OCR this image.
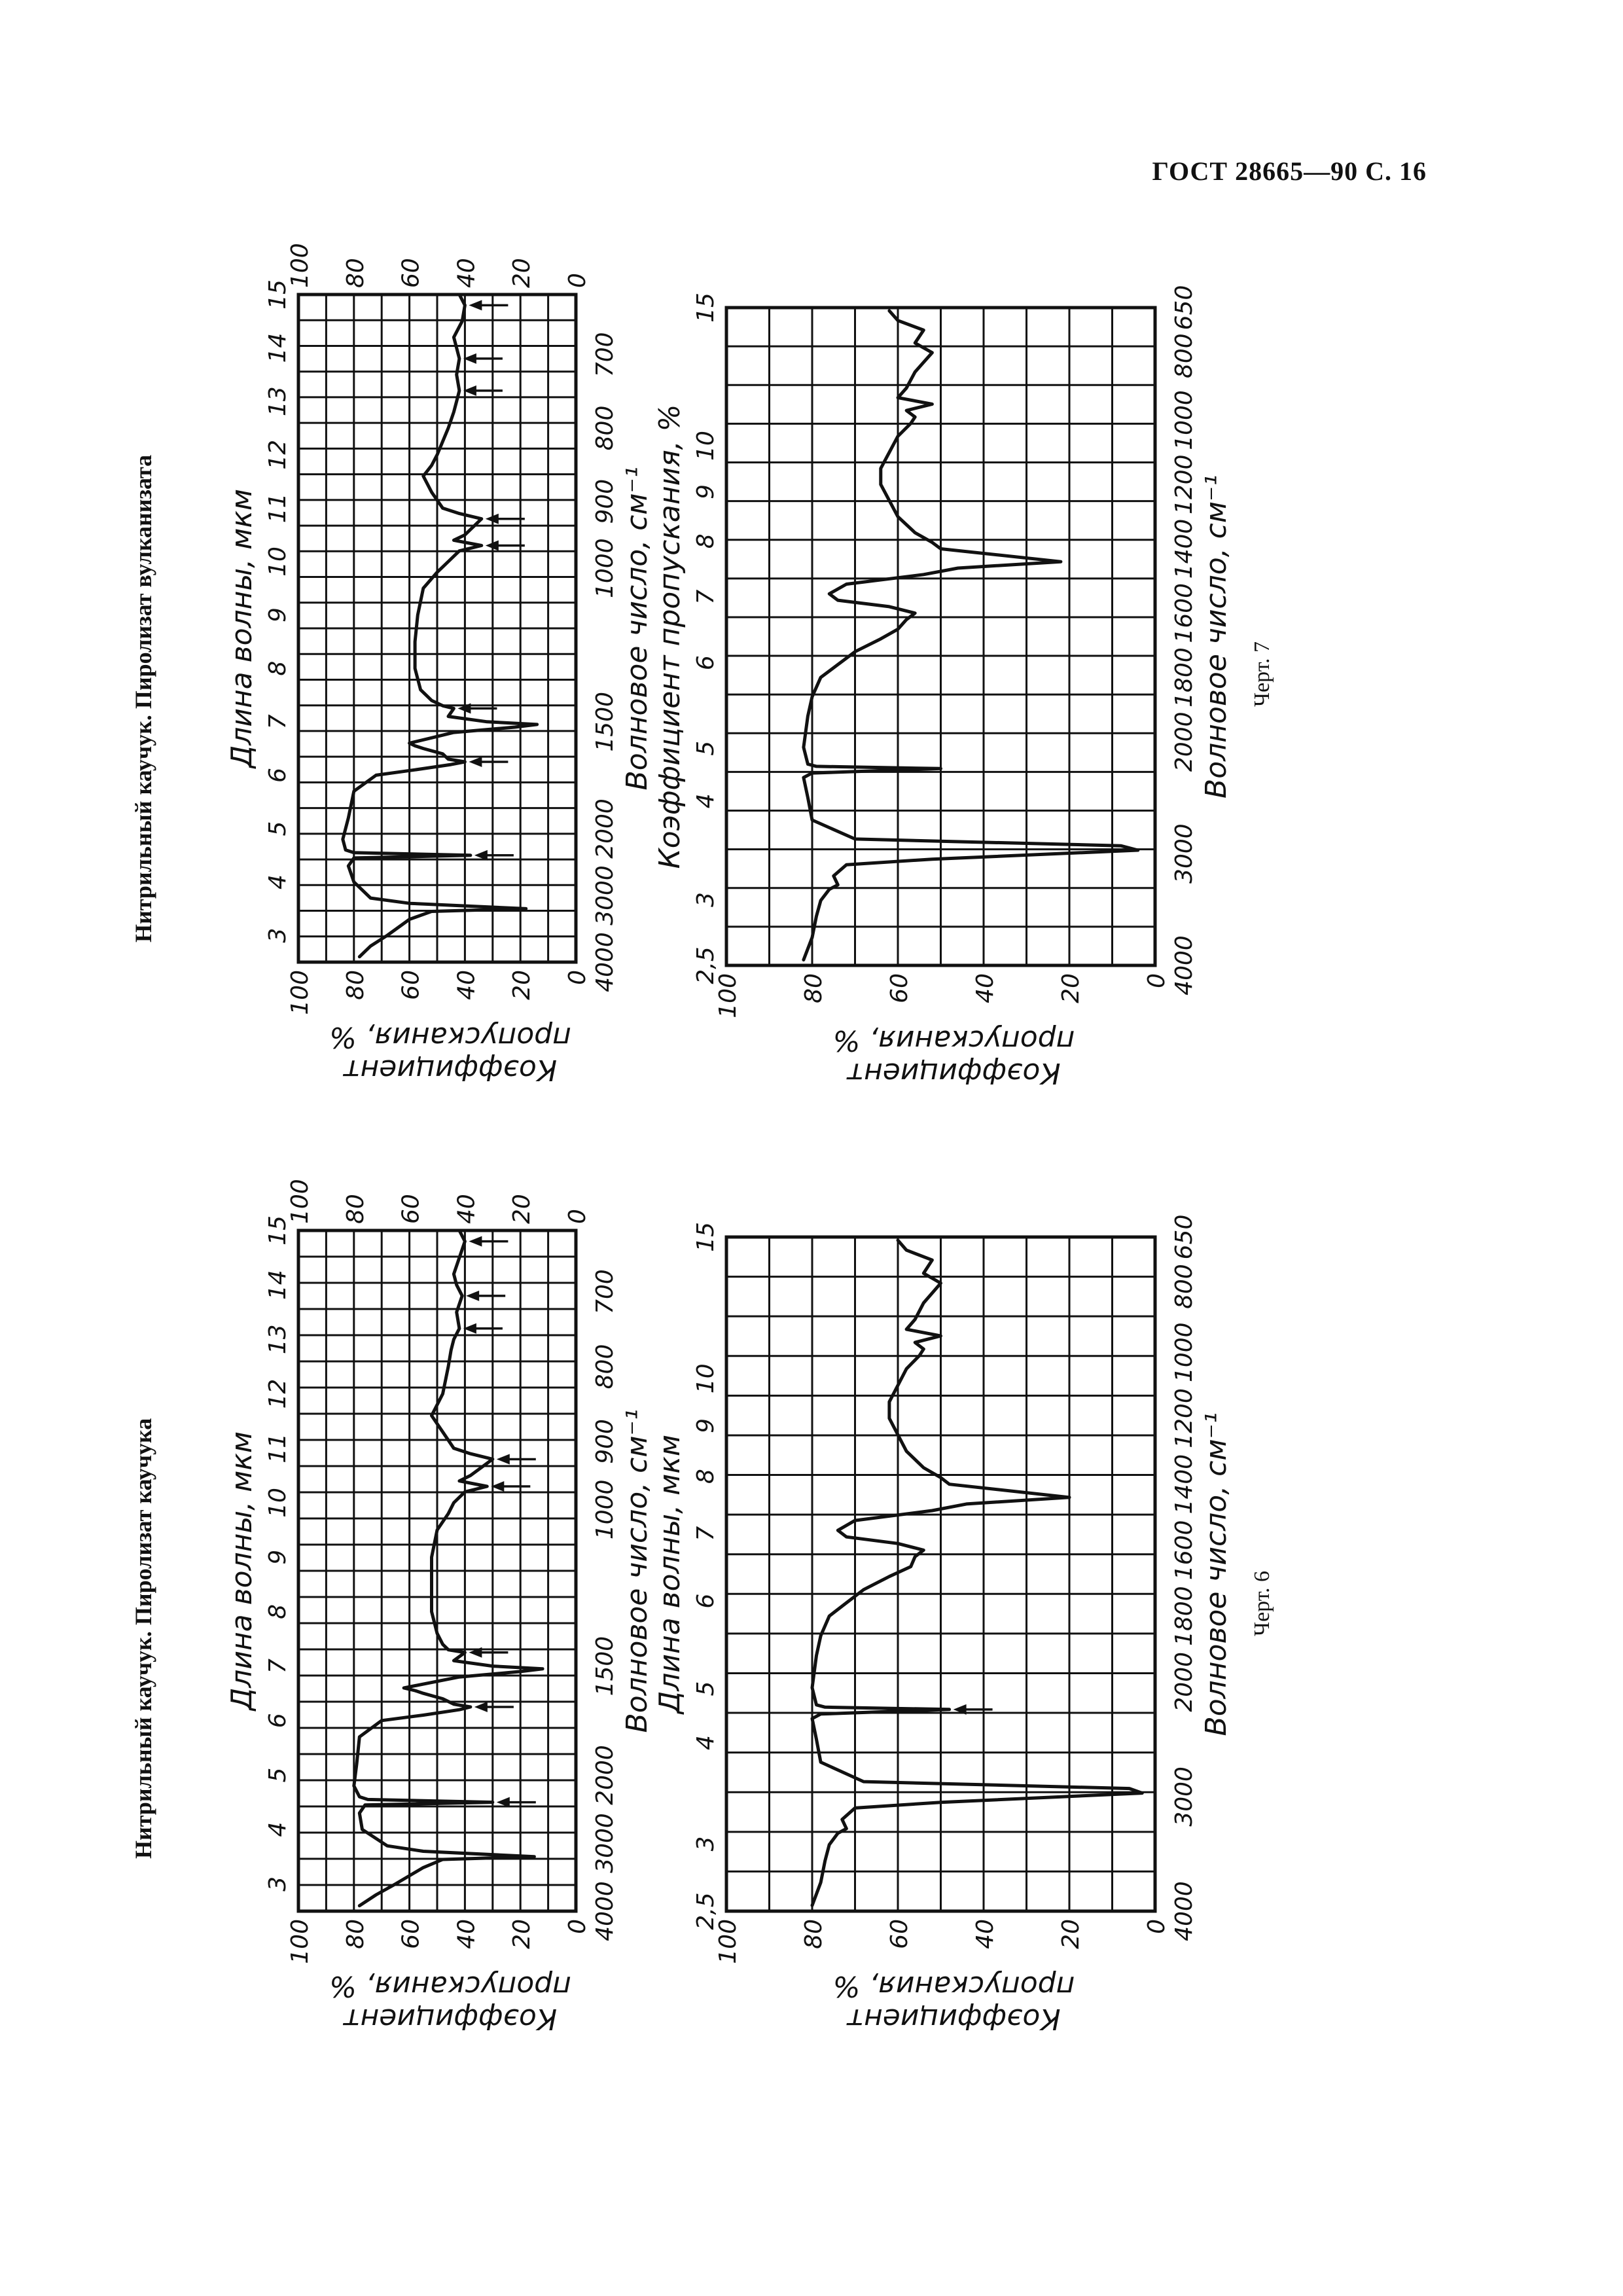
ГОСТ 28665—90 С. 16
Нитрильный каучук. Пиролизат каучука	Черт. 6
Нитрильный каучук. Пиролизат вулканизата	Черт. 7
100 80 60 40 20 0
100 80 60 40 20 0
3
4
5
6
7
8
9
10
11
12
13
14
15
4000
3000
2000
1500
1000
900
800
700
Длина волны, мкм	Волновое число, см⁻¹
Коэффициент
пропускания, %
100	80	60	40	20	0
2,5
3
4
5
6
7
8
9
10
15
4000
3000
2000
1800
1600
1400
1200
1000
800
650
Длина волны, мкм	Волновое число, см⁻¹
Коэффициент
пропускания, %
100 80 60 40 20 0
100 80 60 40 20 0
3
4
5
6
7
8
9
10
11
12
13
14
15
4000
3000
2000
1500
1000
900
800
700
Длина волны, мкм	Волновое число, см⁻¹
Коэффициент
пропускания, %
100	80	60	40	20	0
2,5
3
4
5
6
7
8
9
10
15
4000
3000
2000
1800
1600
1400
1200
1000
800
650
Коэффициент пропускания, %	Волновое число, см⁻¹
Коэффициент
пропускания, %
